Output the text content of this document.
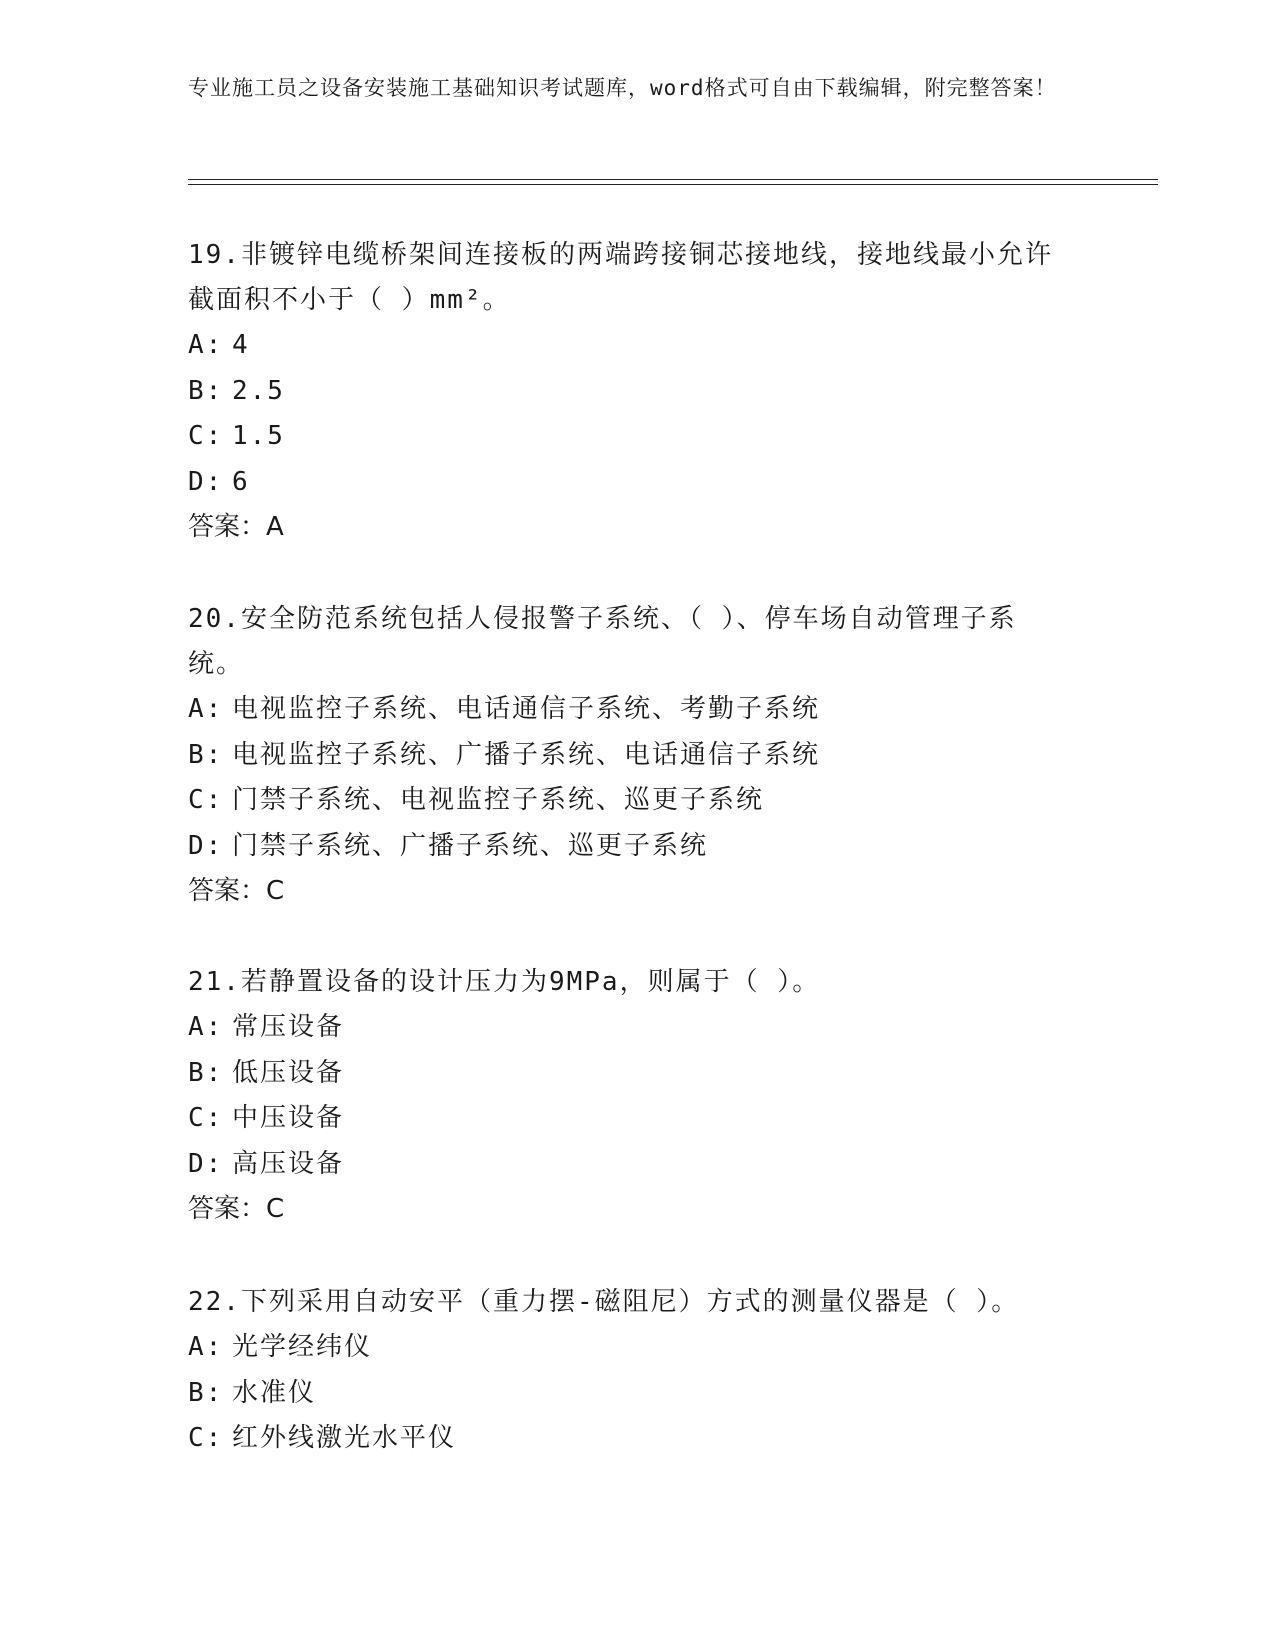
专业施工员之设备安装施工基础知识考试题库，word格式可自由下载编辑，附完整答案！

19.非镀锌电缆桥架间连接板的两端跨接铜芯接地线，接地线最小允许截面积不小于（ ）mm²。

A: 4

B: 2.5

C: 1.5

D: 6

答案：A

20.安全防范系统包括人侵报警子系统、（ ）、停车场自动管理子系统。

A: 电视监控子系统、电话通信子系统、考勤子系统

B: 电视监控子系统、广播子系统、电话通信子系统

C: 门禁子系统、电视监控子系统、巡更子系统

D: 门禁子系统、广播子系统、巡更子系统

答案：C

21.若静置设备的设计压力为9MPa，则属于（ ）。

A: 常压设备

B: 低压设备

C: 中压设备

D: 高压设备

答案：C

22.下列采用自动安平（重力摆-磁阻尼）方式的测量仪器是（ ）。

A: 光学经纬仪

B: 水准仪

C: 红外线激光水平仪
